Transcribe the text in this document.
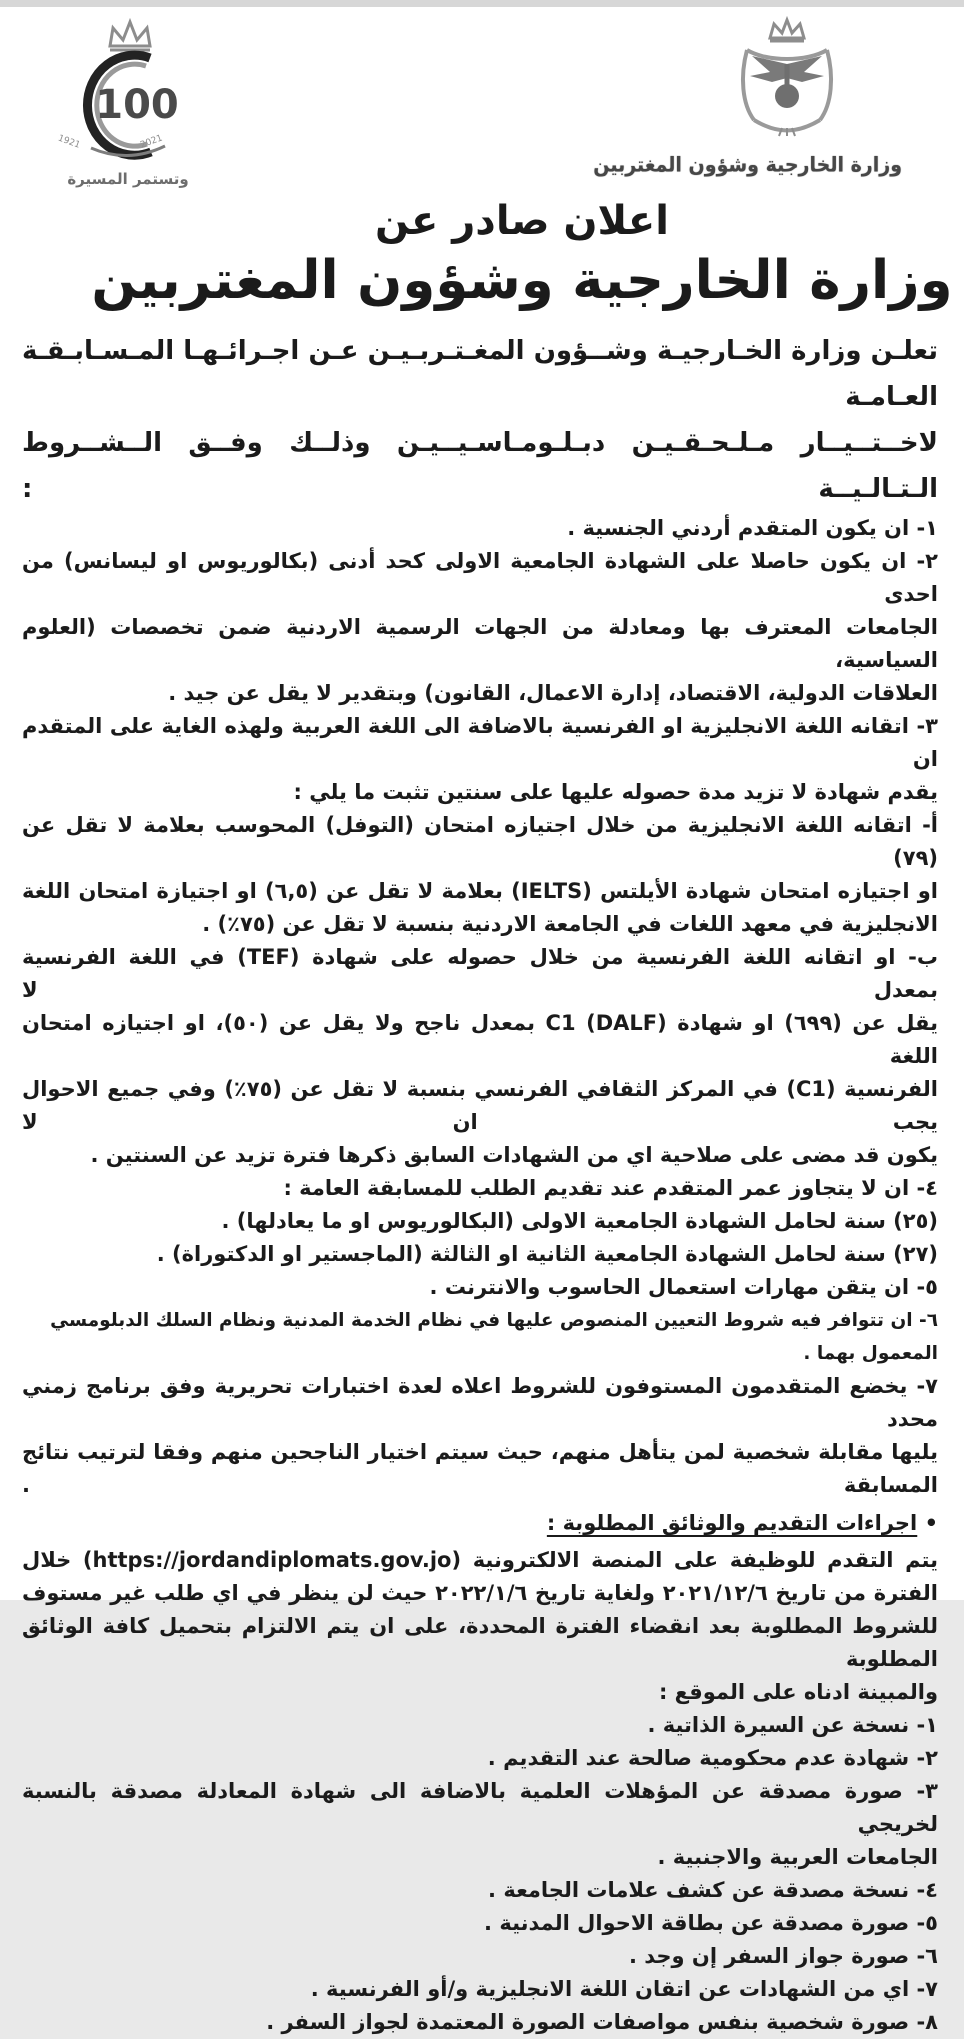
100
1921	2021
وتستمر المسيرة
وزارة الخارجية وشؤون المغتربين
اعلان صادر عن
وزارة الخارجية وشؤون المغتربين
تعلـن وزارة الخـارجيـة وشــؤون المغـتـربـيـن عـن اجـرائـهـا المـسـابـقـة العـامـة
لاخــتــيــار مـلـحـقـيـن دبـلـومـاسـيــيـن وذلــك وفــق الــشــروط الـتـالـيــة :
١- ان يكون المتقدم أردني الجنسية .
٢- ان يكون حاصلا على الشهادة الجامعية الاولى كحد أدنى (بكالوريوس او ليسانس) من احدى
الجامعات المعترف بها ومعادلة من الجهات الرسمية الاردنية ضمن تخصصات (العلوم السياسية،
العلاقات الدولية، الاقتصاد، إدارة الاعمال، القانون) وبتقدير لا يقل عن جيد .
٣- اتقانه اللغة الانجليزية او الفرنسية بالاضافة الى اللغة العربية ولهذه الغاية على المتقدم ان
يقدم شهادة لا تزيد مدة حصوله عليها على سنتين تثبت ما يلي :
أ- اتقانه اللغة الانجليزية من خلال اجتيازه امتحان (التوفل) المحوسب بعلامة لا تقل عن (٧٩)
او اجتيازه امتحان شهادة الأيلتس (IELTS) بعلامة لا تقل عن (٦,٥) او اجتيازة امتحان اللغة
الانجليزية في معهد اللغات في الجامعة الاردنية بنسبة لا تقل عن (٧٥٪) .
ب- او اتقانه اللغة الفرنسية من خلال حصوله على شهادة (TEF) في اللغة الفرنسية بمعدل لا
يقل عن (٦٩٩) او شهادة C1 (DALF) بمعدل ناجح ولا يقل عن (٥٠)، او اجتيازه امتحان اللغة
الفرنسية (C1) في المركز الثقافي الفرنسي بنسبة لا تقل عن (٧٥٪) وفي جميع الاحوال يجب ان لا
يكون قد مضى على صلاحية اي من الشهادات السابق ذكرها فترة تزيد عن السنتين .
٤- ان لا يتجاوز عمر المتقدم عند تقديم الطلب للمسابقة العامة :
(٢٥) سنة لحامل الشهادة الجامعية الاولى (البكالوريوس او ما يعادلها) .
(٢٧) سنة لحامل الشهادة الجامعية الثانية او الثالثة (الماجستير او الدكتوراة) .
٥- ان يتقن مهارات استعمال الحاسوب والانترنت .
٦- ان تتوافر فيه شروط التعيين المنصوص عليها في نظام الخدمة المدنية ونظام السلك الدبلومسي المعمول بهما .
٧- يخضع المتقدمون المستوفون للشروط اعلاه لعدة اختبارات تحريرية وفق برنامج زمني محدد
يليها مقابلة شخصية لمن يتأهل منهم، حيث سيتم اختيار الناجحين منهم وفقا لترتيب نتائج المسابقة .
• اجراءات التقديم والوثائق المطلوبة :
يتم التقدم للوظيفة على المنصة الالكترونية (https://jordandiplomats.gov.jo) خلال
الفترة من تاريخ ٢٠٢١/١٢/٦ ولغاية تاريخ ٢٠٢٢/١/٦ حيث لن ينظر في اي طلب غير مستوف
للشروط المطلوبة بعد انقضاء الفترة المحددة، على ان يتم الالتزام بتحميل كافة الوثائق المطلوبة
والمبينة ادناه على الموقع :
١- نسخة عن السيرة الذاتية .
٢- شهادة عدم محكومية صالحة عند التقديم .
٣- صورة مصدقة عن المؤهلات العلمية بالاضافة الى شهادة المعادلة مصدقة بالنسبة لخريجي
الجامعات العربية والاجنبية .
٤- نسخة مصدقة عن كشف علامات الجامعة .
٥- صورة مصدقة عن بطاقة الاحوال المدنية .
٦- صورة جواز السفر إن وجد .
٧- اي من الشهادات عن اتقان اللغة الانجليزية و/أو الفرنسية .
٨- صورة شخصية بنفس مواصفات الصورة المعتمدة لجواز السفر .
